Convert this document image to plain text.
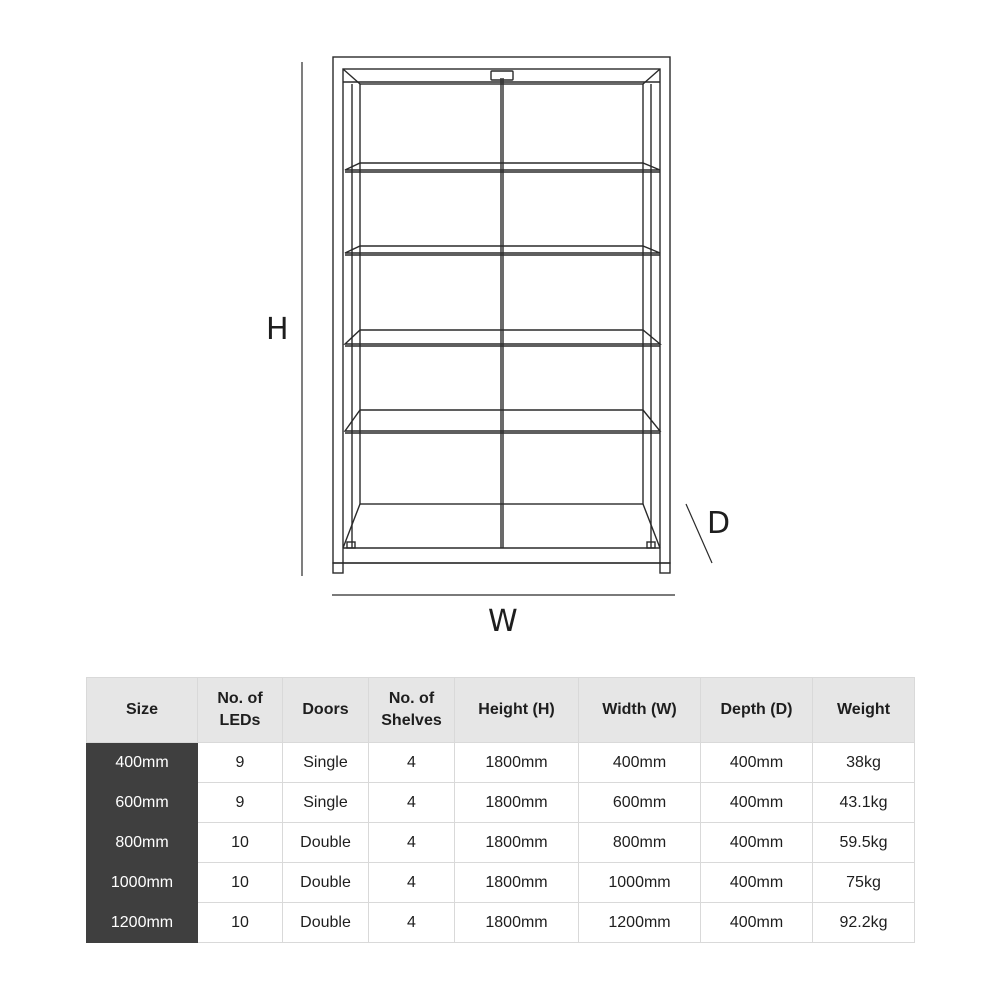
H
W
D
Size	No. of LEDs	Doors	No. of Shelves	Height (H)	Width (W)	Depth (D)	Weight
400mm	9	Single	4	1800mm	400mm	400mm	38kg
600mm	9	Single	4	1800mm	600mm	400mm	43.1kg
800mm	10	Double	4	1800mm	800mm	400mm	59.5kg
1000mm	10	Double	4	1800mm	1000mm	400mm	75kg
1200mm	10	Double	4	1800mm	1200mm	400mm	92.2kg
